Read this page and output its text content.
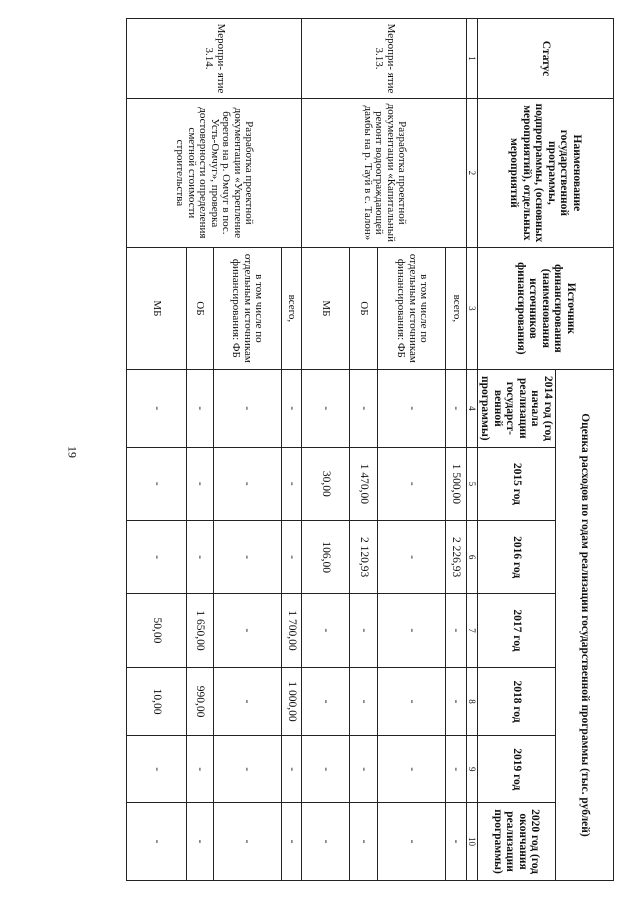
19
Статус	Наименование государственной программы, подпрограммы, (основных мероприятий), отдельных мероприятий	Источник финансирования (наименования источников финансирования)	Оценка расходов по годам реализации государственной программы (тыс. рублей)						
			2014 год (год начала реализации государст- венной программы)	2015 год	2016 год	2017 год	2018 год	2019 год	2020 год (год окончания реализации программы)
1	2	3	4	5	6	7	8	9	10
Меропри- ятие 3.13.	Разработка проектной документации «Капитальный ремонт водоограждающей дамбы на р. Тауй в с. Талон»	всего,	-	1 500,00	2 226,93	-	-	-	-
		в том числе по отдельным источникам финансирования: ФБ	-	-	-	-	-	-	-
		ОБ	-	1 470,00	2 120,93	-	-	-	-
		МБ	-	30,00	106,00	-	-	-	-
Меропри- ятие 3.14.	Разработка проектной документации «Укрепление берегов на р. Омчуг в пос. Усть-Омчуг», проверка достоверности определения сметной стоимости строительства	всего,	-	-	-	1 700,00	1 000,00	-	-
		в том числе по отдельным источникам финансирования: ФБ	-	-	-	-	-	-	-
		ОБ	-	-	-	1 650,00	990,00	-	-
		МБ	-	-	-	50,00	10,00	-	-
